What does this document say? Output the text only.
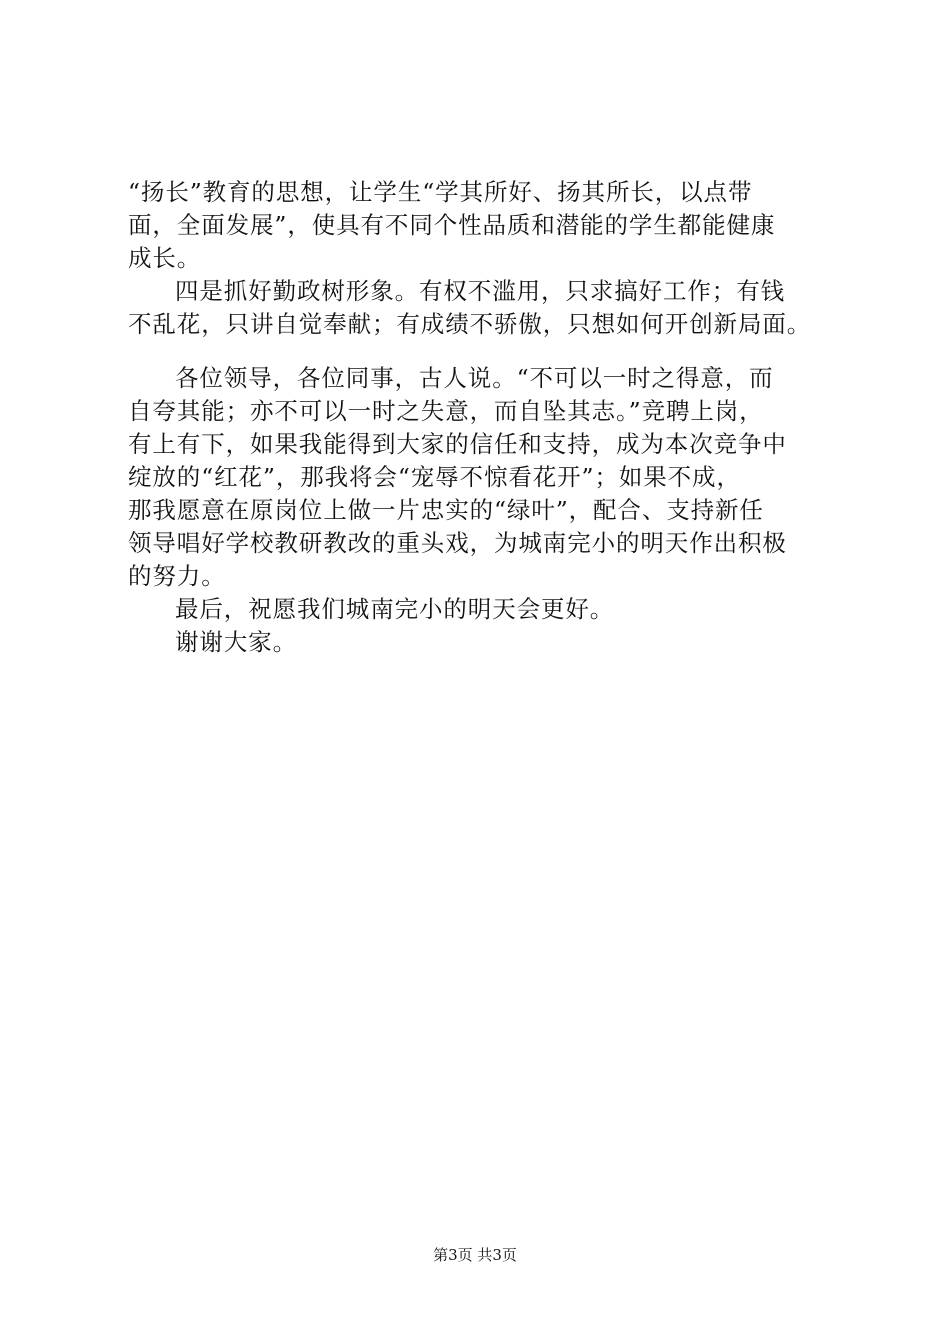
“扬长”教育的思想，让学生“学其所好、扬其所长，以点带
面，全面发展”，使具有不同个性品质和潜能的学生都能健康
成长。
四是抓好勤政树形象。有权不滥用，只求搞好工作；有钱
不乱花，只讲自觉奉献；有成绩不骄傲，只想如何开创新局面。
各位领导，各位同事，古人说。“不可以一时之得意，而
自夸其能；亦不可以一时之失意，而自坠其志。”竞聘上岗，
有上有下，如果我能得到大家的信任和支持，成为本次竞争中
绽放的“红花”，那我将会“宠辱不惊看花开”；如果不成，
那我愿意在原岗位上做一片忠实的“绿叶”，配合、支持新任
领导唱好学校教研教改的重头戏，为城南完小的明天作出积极
的努力。
最后，祝愿我们城南完小的明天会更好。
谢谢大家。
第3页 共3页
